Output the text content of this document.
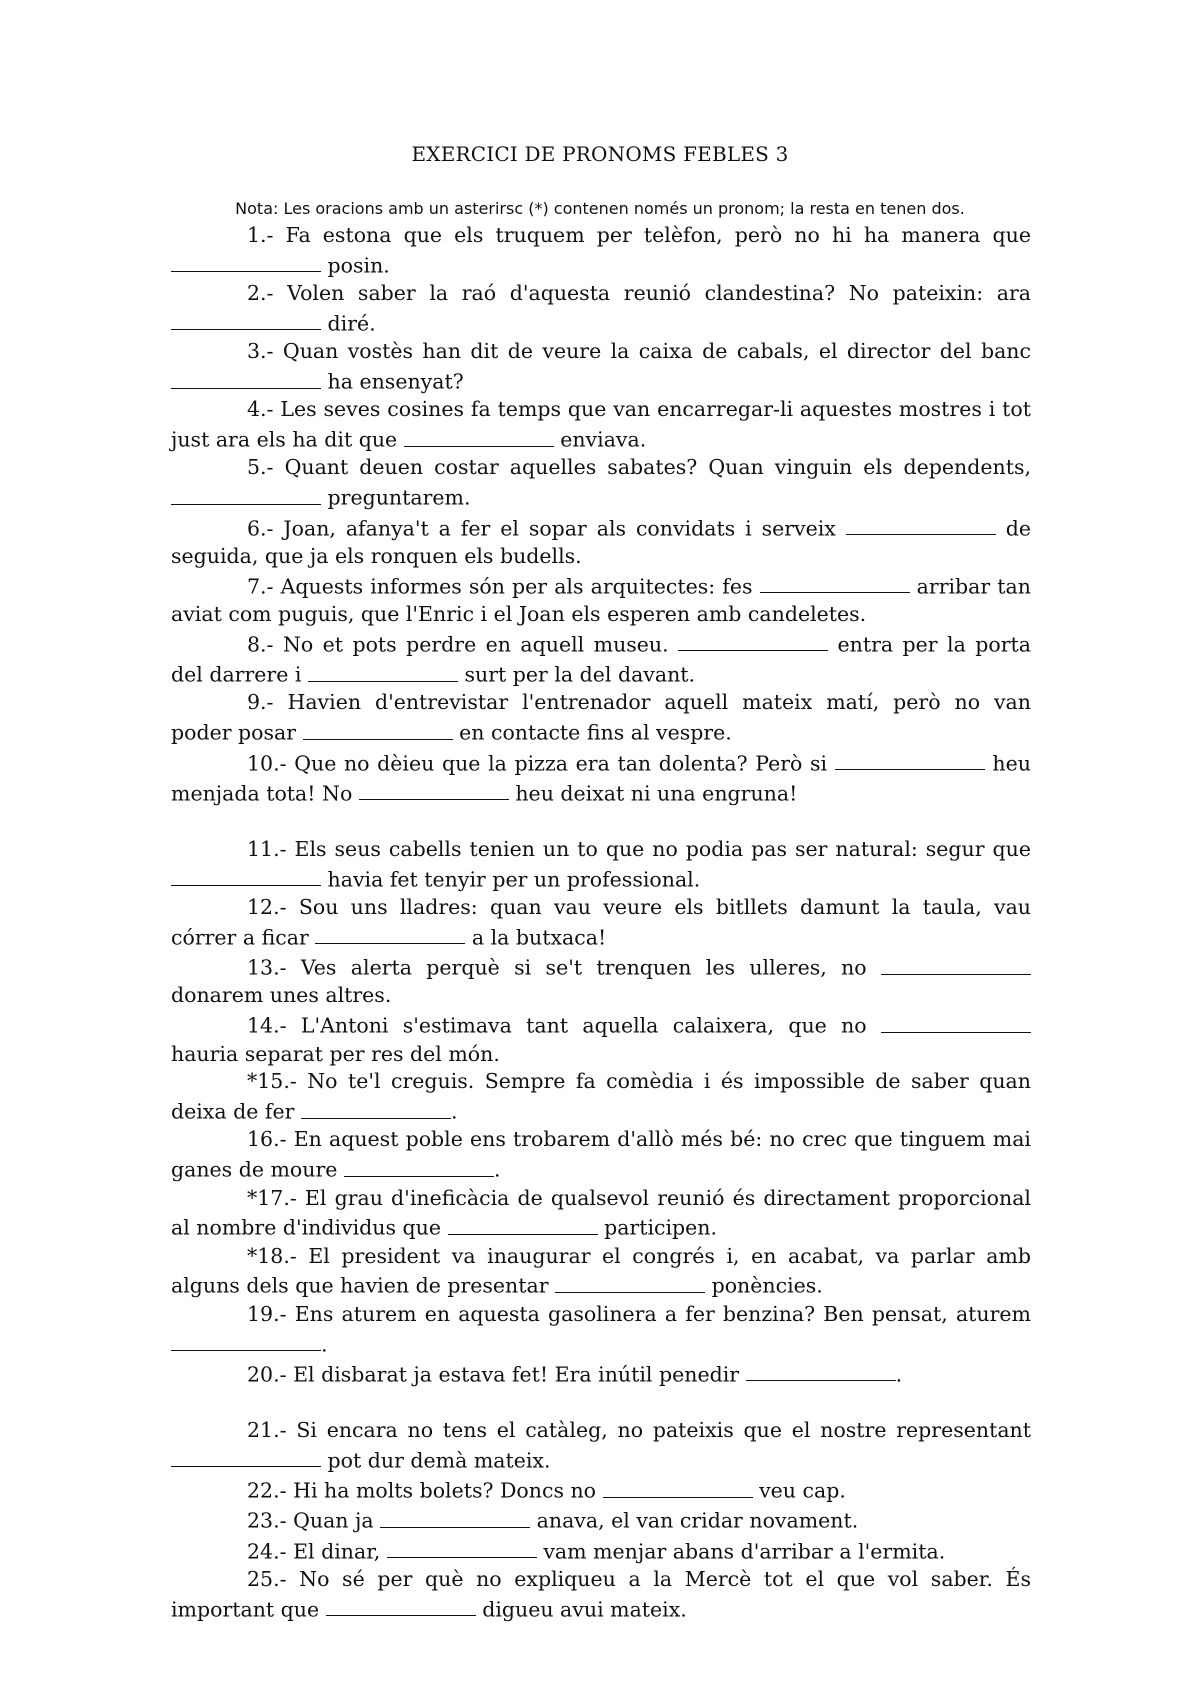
EXERCICI DE PRONOMS FEBLES 3
Nota: Les oracions amb un asterirsc (*) contenen només un pronom; la resta en tenen dos.

1.- Fa estona que els truquem per telèfon, però no hi ha manera que  posin.

2.- Volen saber la raó d'aquesta reunió clandestina? No pateixin: ara  diré.

3.- Quan vostès han dit de veure la caixa de cabals, el director del banc  ha ensenyat?

4.- Les seves cosines fa temps que van encarregar-li aquestes mostres i tot just ara els ha dit que	enviava.

5.- Quant deuen costar aquelles sabates? Quan vinguin els dependents,  preguntarem.

6.- Joan, afanya't a fer el sopar als convidats i serveix	de seguida, que ja els ronquen els budells.

7.- Aquests informes són per als arquitectes: fes	arribar tan aviat com puguis, que l'Enric i el Joan els esperen amb candeletes.

8.- No et pots perdre en aquell museu.	entra per la porta del darrere i	surt per la del davant.

9.- Havien d'entrevistar l'entrenador aquell mateix matí, però no van poder posar	en contacte fins al vespre.

10.- Que no dèieu que la pizza era tan dolenta? Però si	heu menjada tota! No	heu deixat ni una engruna!

11.- Els seus cabells tenien un to que no podia pas ser natural: segur que  havia fet tenyir per un professional.

12.- Sou uns lladres: quan vau veure els bitllets damunt la taula, vau córrer a ficar	a la butxaca!

13.- Ves alerta perquè si se't trenquen les ulleres, no  donarem unes altres.

14.- L'Antoni s'estimava tant aquella calaixera, que no  hauria separat per res del món.

*15.- No te'l creguis. Sempre fa comèdia i és impossible de saber quan deixa de fer	.

16.- En aquest poble ens trobarem d'allò més bé: no crec que tinguem mai ganes de moure	.

*17.- El grau d'ineficàcia de qualsevol reunió és directament proporcional al nombre d'individus que	participen.

*18.- El president va inaugurar el congrés i, en acabat, va parlar amb alguns dels que havien de presentar	ponències.

19.- Ens aturem en aquesta gasolinera a fer benzina? Ben pensat, aturem .

20.- El disbarat ja estava fet! Era inútil penedir	.

21.- Si encara no tens el catàleg, no pateixis que el nostre representant  pot dur demà mateix.

22.- Hi ha molts bolets? Doncs no	veu cap.

23.- Quan ja	anava, el van cridar novament.

24.- El dinar,	vam menjar abans d'arribar a l'ermita.

25.- No sé per què no expliqueu a la Mercè tot el que vol saber. És important que	digueu avui mateix.
